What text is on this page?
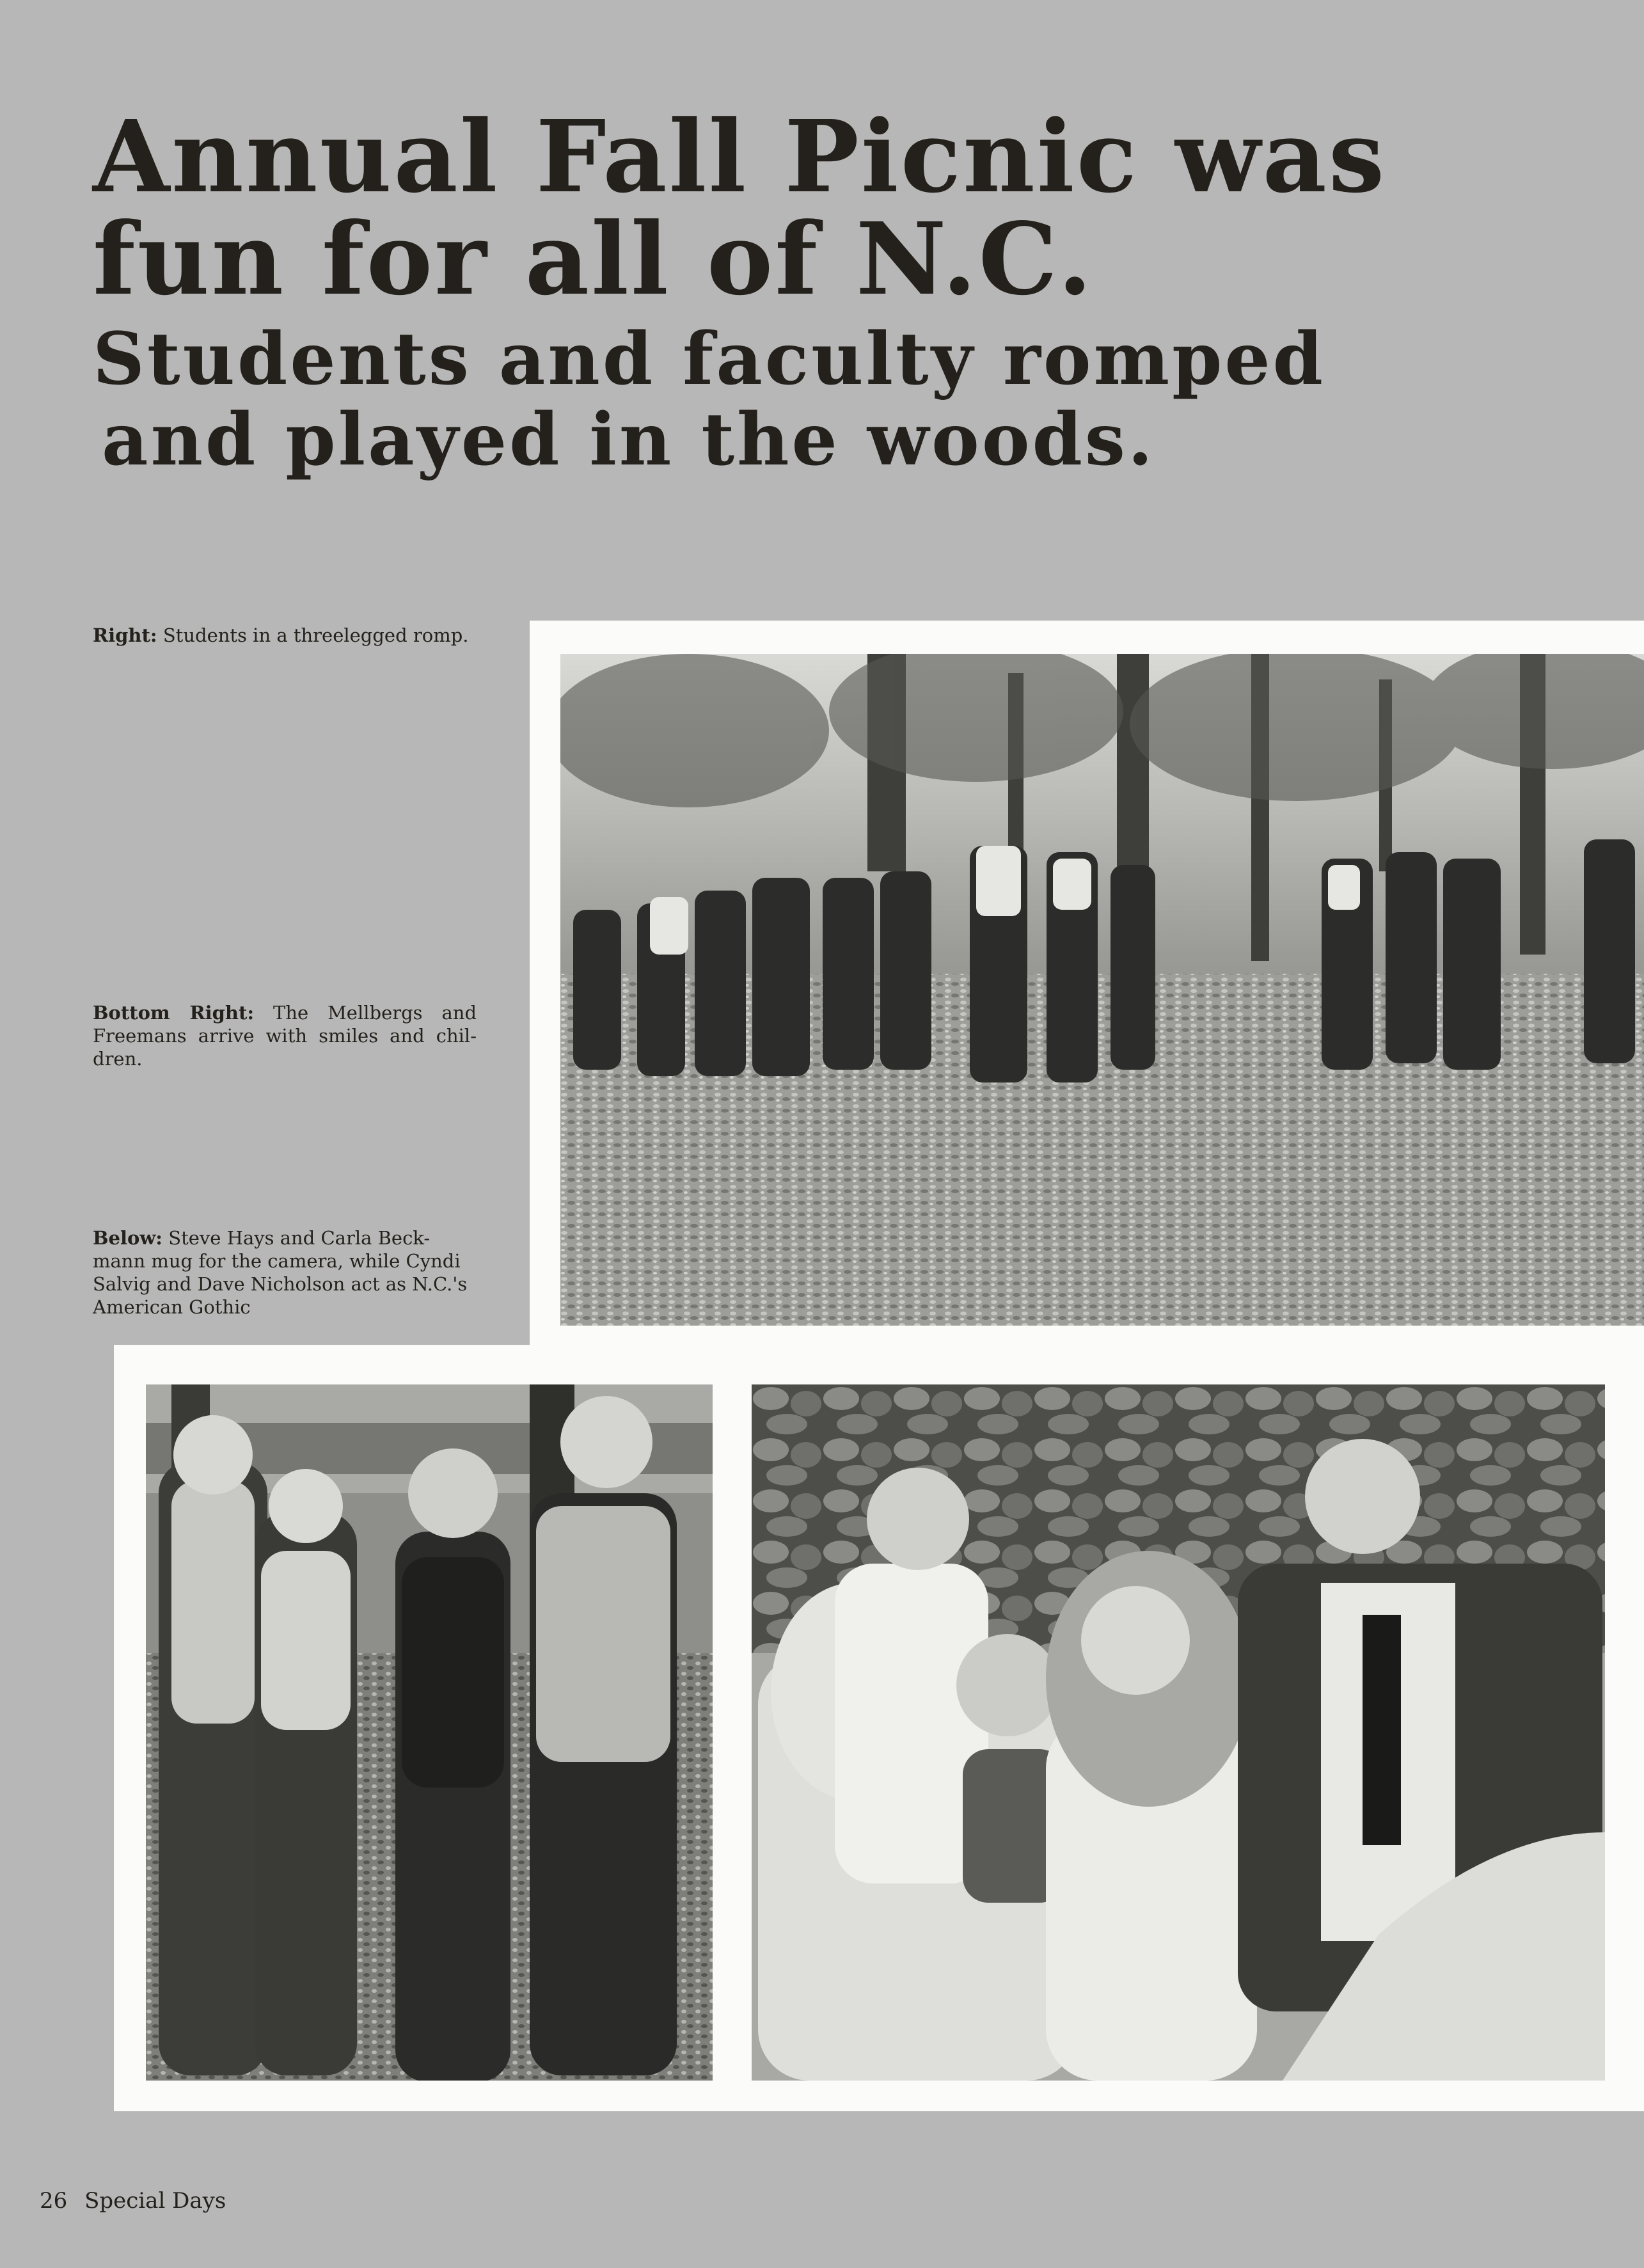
Annual Fall Picnic was
fun for all of N.C.
Students and faculty romped
and played in the woods.

Right: Students in a threelegged romp.

Bottom Right: The Mellbergs and Freemans arrive with smiles and chil-dren.

Below: Steve Hays and Carla Beck-mann mug for the camera, while Cyndi Salvig and Dave Nicholson act as N.C.'s American Gothic

26 Special Days
